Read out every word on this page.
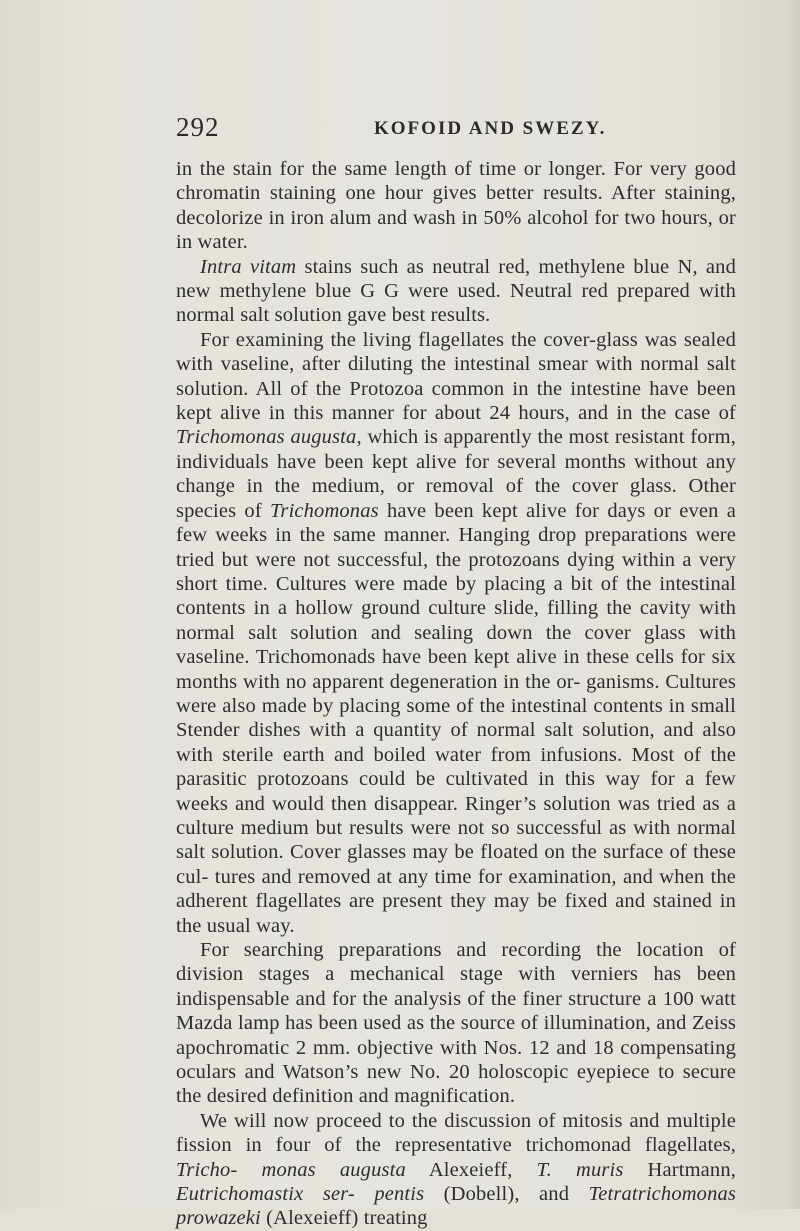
292	KOFOID AND SWEZY.

in the stain for the same length of time or longer. For very good chromatin staining one hour gives better results. After staining, decolorize in iron alum and wash in 50% alcohol for two hours, or in water.

Intra vitam stains such as neutral red, methylene blue N, and new methylene blue G G were used. Neutral red prepared with normal salt solution gave best results.

For examining the living flagellates the cover-glass was sealed with vaseline, after diluting the intestinal smear with normal salt solution. All of the Protozoa common in the intestine have been kept alive in this manner for about 24 hours, and in the case of Trichomonas augusta, which is apparently the most resistant form, individuals have been kept alive for several months without any change in the medium, or removal of the cover glass. Other species of Trichomonas have been kept alive for days or even a few weeks in the same manner. Hanging drop preparations were tried but were not successful, the protozoans dying within a very short time. Cultures were made by placing a bit of the intestinal contents in a hollow ground culture slide, filling the cavity with normal salt solution and sealing down the cover glass with vaseline. Trichomonads have been kept alive in these cells for six months with no apparent degeneration in the or- ganisms. Cultures were also made by placing some of the intestinal contents in small Stender dishes with a quantity of normal salt solution, and also with sterile earth and boiled water from infusions. Most of the parasitic protozoans could be cultivated in this way for a few weeks and would then disappear. Ringer’s solution was tried as a culture medium but results were not so successful as with normal salt solution. Cover glasses may be floated on the surface of these cul- tures and removed at any time for examination, and when the adherent flagellates are present they may be fixed and stained in the usual way.

For searching preparations and recording the location of division stages a mechanical stage with verniers has been indispensable and for the analysis of the finer structure a 100 watt Mazda lamp has been used as the source of illumination, and Zeiss apochromatic 2 mm. objective with Nos. 12 and 18 compensating oculars and Watson’s new No. 20 holoscopic eyepiece to secure the desired definition and magnification.

We will now proceed to the discussion of mitosis and multiple fission in four of the representative trichomonad flagellates, Tricho- monas augusta Alexeieff, T. muris Hartmann, Eutrichomastix ser- pentis (Dobell), and Tetratrichomonas prowazeki (Alexeieff) treating
